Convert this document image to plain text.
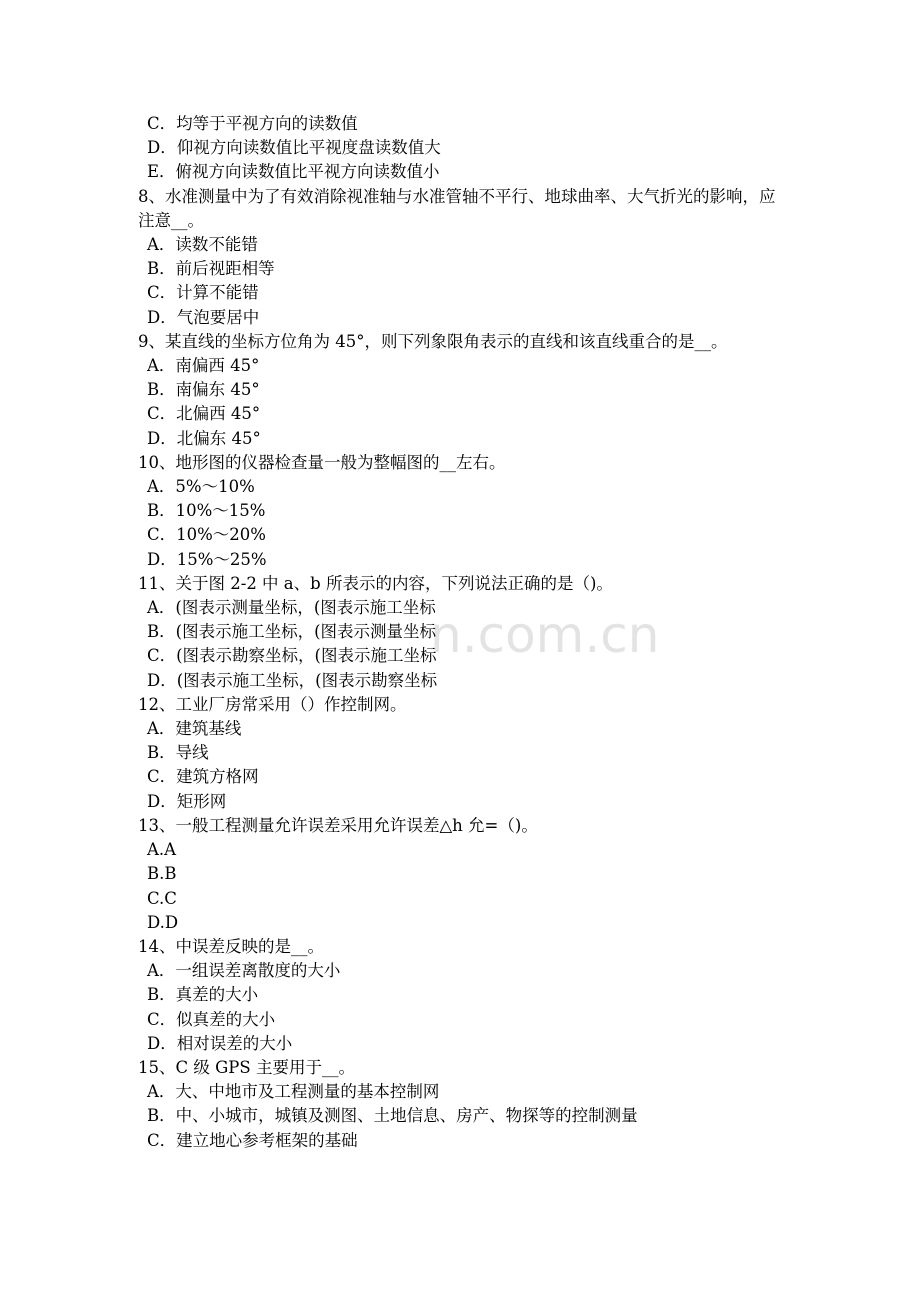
n.com.cn
C．均等于平视方向的读数值
D．仰视方向读数值比平视度盘读数值大
E．俯视方向读数值比平视方向读数值小
8、水准测量中为了有效消除视准轴与水准管轴不平行、地球曲率、大气折光的影响，应注意__。
A．读数不能错
B．前后视距相等
C．计算不能错
D．气泡要居中
9、某直线的坐标方位角为 45°，则下列象限角表示的直线和该直线重合的是__。
A．南偏西 45°
B．南偏东 45°
C．北偏西 45°
D．北偏东 45°
10、地形图的仪器检查量一般为整幅图的__左右。
A．5%～10%
B．10%～15%
C．10%～20%
D．15%～25%
11、关于图 2-2 中 a、b 所表示的内容，下列说法正确的是（)。
A．(图表示测量坐标，(图表示施工坐标
B．(图表示施工坐标，(图表示测量坐标
C．(图表示勘察坐标，(图表示施工坐标
D．(图表示施工坐标，(图表示勘察坐标
12、工业厂房常采用（）作控制网。
A．建筑基线
B．导线
C．建筑方格网
D．矩形网
13、一般工程测量允许误差采用允许误差△h 允=（)。
A.A
B.B
C.C
D.D
14、中误差反映的是__。
A．一组误差离散度的大小
B．真差的大小
C．似真差的大小
D．相对误差的大小
15、C 级 GPS 主要用于__。
A．大、中地市及工程测量的基本控制网
B．中、小城市，城镇及测图、土地信息、房产、物探等的控制测量
C．建立地心参考框架的基础
